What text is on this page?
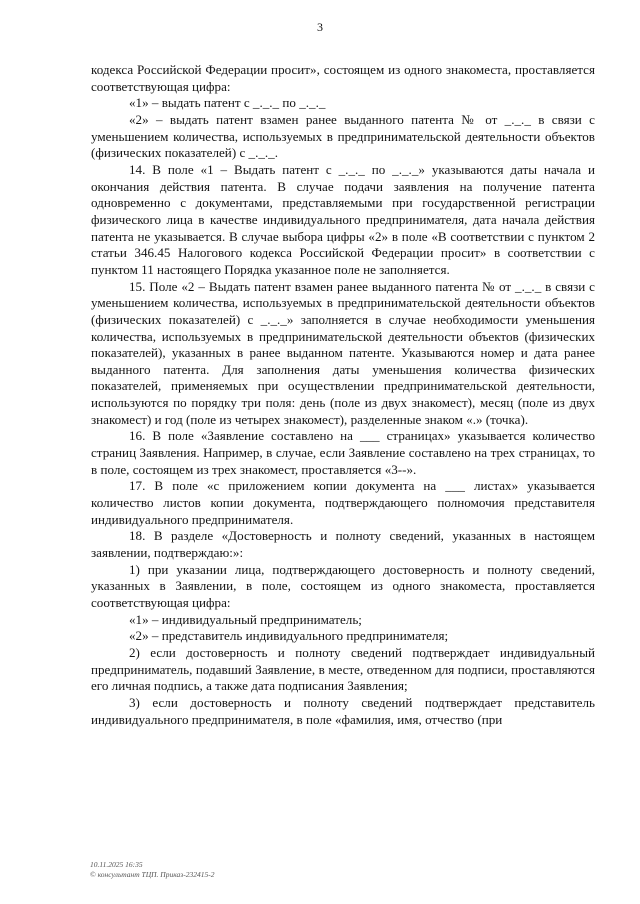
3

кодекса Российской Федерации просит», состоящем из одного знакоместа, проставляется соответствующая цифра:

«1» – выдать патент с _._._ по _._._

«2» – выдать патент взамен ранее выданного патента № от _._._ в связи с уменьшением количества, используемых в предпринимательской деятельности объектов (физических показателей) с _._._.

14. В поле «1 – Выдать патент с _._._ по _._._» указываются даты начала и окончания действия патента. В случае подачи заявления на получение патента одновременно с документами, представляемыми при государственной регистрации физического лица в качестве индивидуального предпринимателя, дата начала действия патента не указывается. В случае выбора цифры «2» в поле «В соответствии с пунктом 2 статьи 346.45 Налогового кодекса Российской Федерации просит» в соответствии с пунктом 11 настоящего Порядка указанное поле не заполняется.

15. Поле «2 – Выдать патент взамен ранее выданного патента № от _._._ в связи с уменьшением количества, используемых в предпринимательской деятельности объектов (физических показателей) с _._._» заполняется в случае необходимости уменьшения количества, используемых в предпринимательской деятельности объектов (физических показателей), указанных в ранее выданном патенте. Указываются номер и дата ранее выданного патента. Для заполнения даты уменьшения количества физических показателей, применяемых при осуществлении предпринимательской деятельности, используются по порядку три поля: день (поле из двух знакомест), месяц (поле из двух знакомест) и год (поле из четырех знакомест), разделенные знаком «.» (точка).

16. В поле «Заявление составлено на ___ страницах» указывается количество страниц Заявления. Например, в случае, если Заявление составлено на трех страницах, то в поле, состоящем из трех знакомест, проставляется «3--».

17. В поле «с приложением копии документа на ___ листах» указывается количество листов копии документа, подтверждающего полномочия представителя индивидуального предпринимателя.

18. В разделе «Достоверность и полноту сведений, указанных в настоящем заявлении, подтверждаю:»:

1) при указании лица, подтверждающего достоверность и полноту сведений, указанных в Заявлении, в поле, состоящем из одного знакоместа, проставляется соответствующая цифра:

«1» – индивидуальный предприниматель;

«2» – представитель индивидуального предпринимателя;

2) если достоверность и полноту сведений подтверждает индивидуальный предприниматель, подавший Заявление, в месте, отведенном для подписи, проставляются его личная подпись, а также дата подписания Заявления;

3) если достоверность и полноту сведений подтверждает представитель индивидуального предпринимателя, в поле «фамилия, имя, отчество (при

10.11.2025 16:35
© консультант ТЦП. Приказ-232415-2
